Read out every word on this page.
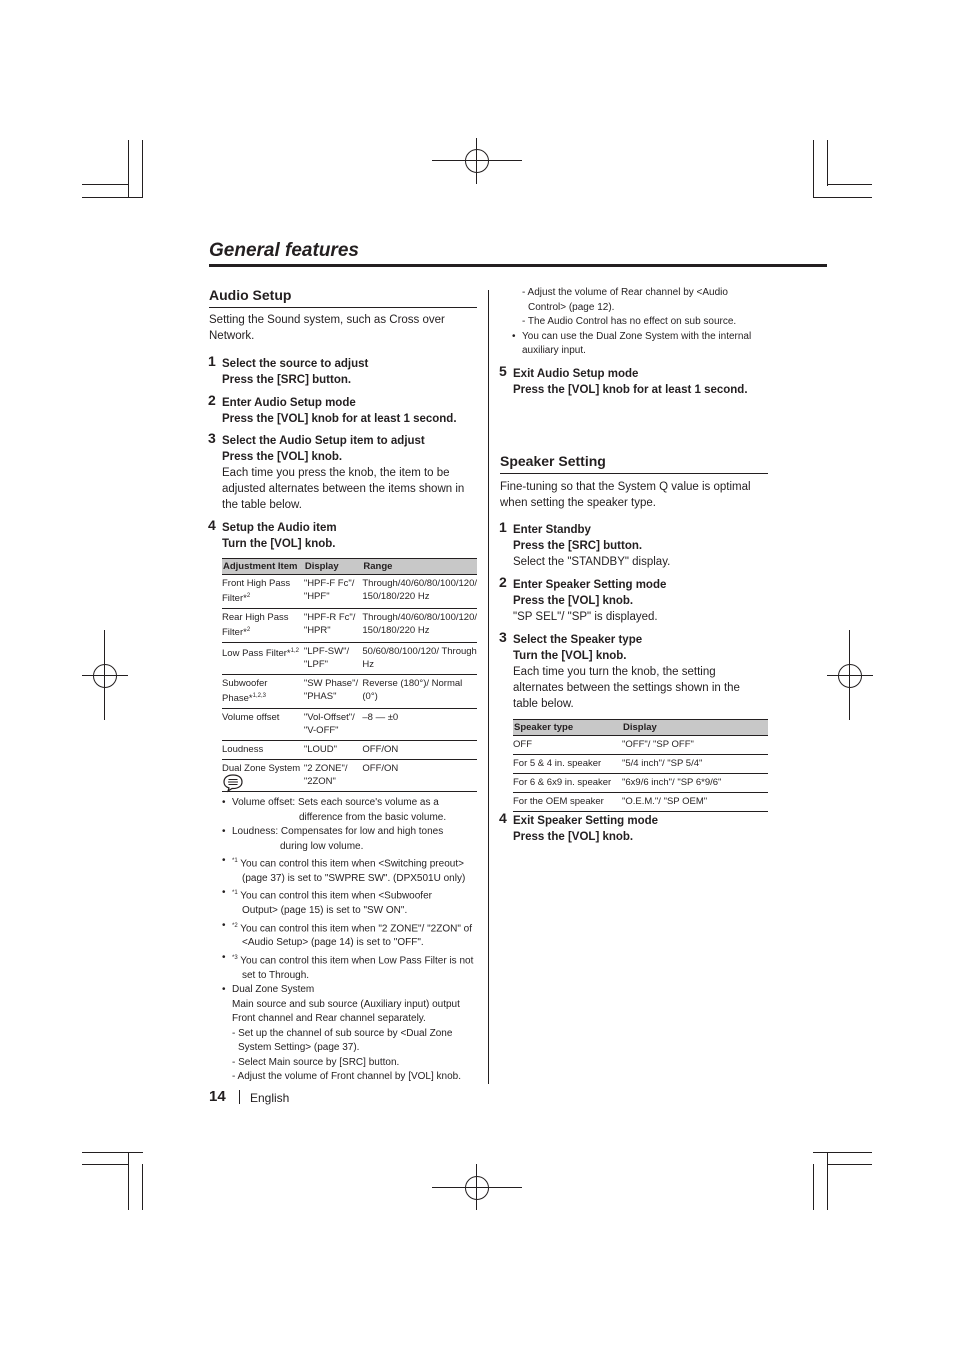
General features
Audio Setup
Setting the Sound system, such as Cross over Network.
1 Select the source to adjust
Press the [SRC] button.
2 Enter Audio Setup mode
Press the [VOL] knob for at least 1 second.
3 Select the Audio Setup item to adjust
Press the [VOL] knob.
Each time you press the knob, the item to be adjusted alternates between the items shown in the table below.
4 Setup the Audio item
Turn the [VOL] knob.
Adjustment Item	Display	Range
Front High Pass Filter*$^2$	"HPF-F Fc"/ "HPF"	Through/40/60/80/100/120/ 150/180/220 Hz
Rear High Pass Filter*$^2$	"HPF-R Fc"/ "HPR"	Through/40/60/80/100/120/ 150/180/220 Hz
Low Pass Filter*$^{1,2}$	"LPF-SW"/ "LPF"	50/60/80/100/120/ Through Hz
Subwoofer Phase*$^{1,2,3}$	"SW Phase"/ "PHAS"	Reverse (180°)/ Normal (0°)
Volume offset	"Vol-Offset"/ "V-OFF"	–8 — ±0
Loudness	"LOUD"	OFF/ON
Dual Zone System	"2 ZONE"/ "2ZON"	OFF/ON
• Volume offset: Sets each source's volume as a
difference from the basic volume.
• Loudness: Compensates for low and high tones
during low volume.
• $^{*1}$ You can control this item when <Switching preout>
(page 37) is set to "SWPRE SW". (DPX501U only)
• $^{*1}$ You can control this item when <Subwoofer
Output> (page 15) is set to "SW ON".
• $^{*2}$ You can control this item when "2 ZONE"/ "2ZON" of
<Audio Setup> (page 14) is set to "OFF".
• $^{*3}$ You can control this item when Low Pass Filter is not
set to Through.
• Dual Zone System
Main source and sub source (Auxiliary input) output
Front channel and Rear channel separately.
- Set up the channel of sub source by <Dual Zone
System Setting> (page 37).
- Select Main source by [SRC] button.
- Adjust the volume of Front channel by [VOL] knob.
- Adjust the volume of Rear channel by <Audio
Control> (page 12).
- The Audio Control has no effect on sub source.
• You can use the Dual Zone System with the internal
auxiliary input.
5 Exit Audio Setup mode
Press the [VOL] knob for at least 1 second.
Speaker Setting
Fine-tuning so that the System Q value is optimal when setting the speaker type.
1 Enter Standby
Press the [SRC] button.
Select the "STANDBY" display.
2 Enter Speaker Setting mode
Press the [VOL] knob.
"SP SEL"/ "SP" is displayed.
3 Select the Speaker type
Turn the [VOL] knob.
Each time you turn the knob, the setting alternates between the settings shown in the table below.
Speaker type	Display
OFF	"OFF"/ "SP OFF"
For 5 & 4 in. speaker	"5/4 inch"/ "SP 5/4"
For 6 & 6x9 in. speaker	"6x9/6 inch"/ "SP 6*9/6"
For the OEM speaker	"O.E.M."/ "SP OEM"
4 Exit Speaker Setting mode
Press the [VOL] knob.
14 English
